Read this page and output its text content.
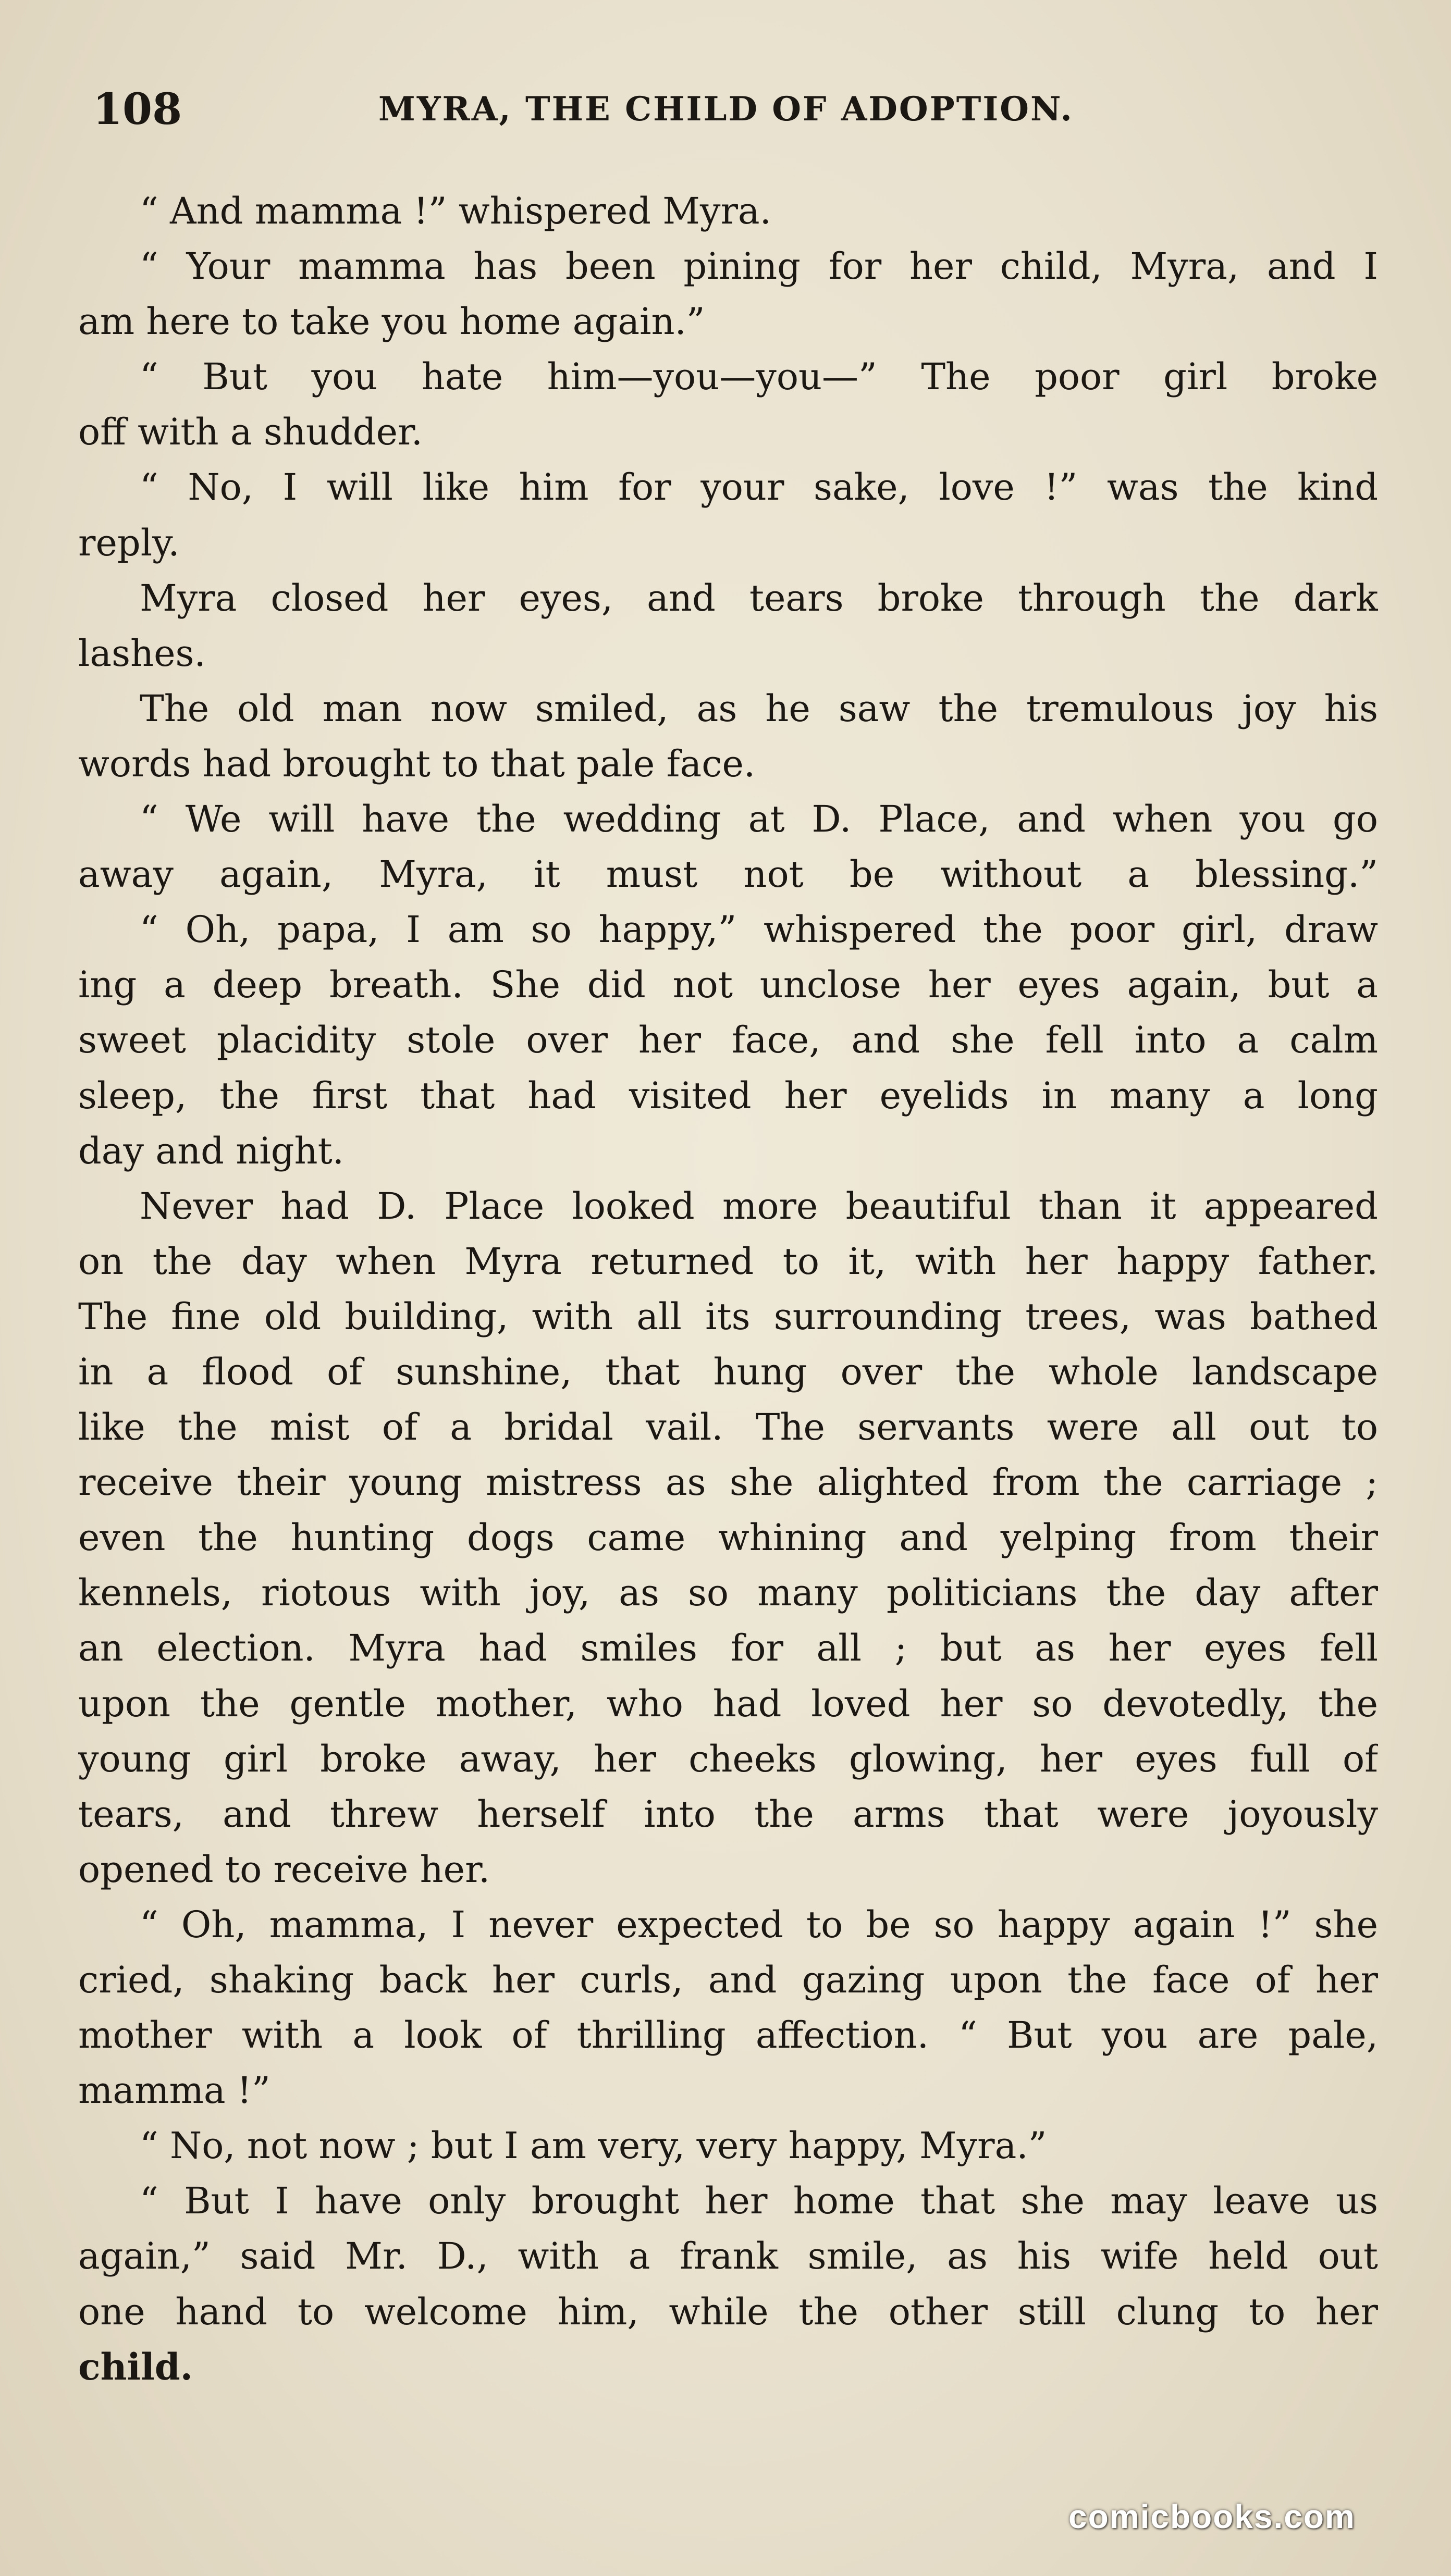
108	MYRA, THE CHILD OF ADOPTION.
“ And mamma !” whispered Myra.
“ Your mamma has been pining for her child, Myra, and I
am here to take you home again.”
“ But you hate him—you—you—” The poor girl broke
off with a shudder.
“ No, I will like him for your sake, love !” was the kind
reply.
Myra closed her eyes, and tears broke through the dark
lashes.
The old man now smiled, as he saw the tremulous joy his
words had brought to that pale face.
“ We will have the wedding at D. Place, and when you go
away again, Myra, it must not be without a blessing.”
“ Oh, papa, I am so happy,” whispered the poor girl, draw
ing a deep breath. She did not unclose her eyes again, but a
sweet placidity stole over her face, and she fell into a calm
sleep, the first that had visited her eyelids in many a long
day and night.
Never had D. Place looked more beautiful than it appeared
on the day when Myra returned to it, with her happy father.
The fine old building, with all its surrounding trees, was bathed
in a flood of sunshine, that hung over the whole landscape
like the mist of a bridal vail. The servants were all out to
receive their young mistress as she alighted from the carriage ;
even the hunting dogs came whining and yelping from their
kennels, riotous with joy, as so many politicians the day after
an election. Myra had smiles for all ; but as her eyes fell
upon the gentle mother, who had loved her so devotedly, the
young girl broke away, her cheeks glowing, her eyes full of
tears, and threw herself into the arms that were joyously
opened to receive her.
“ Oh, mamma, I never expected to be so happy again !” she
cried, shaking back her curls, and gazing upon the face of her
mother with a look of thrilling affection. “ But you are pale,
mamma !”
“ No, not now ; but I am very, very happy, Myra.”
“ But I have only brought her home that she may leave us
again,” said Mr. D., with a frank smile, as his wife held out
one hand to welcome him, while the other still clung to her
child.
comicbooks.com
